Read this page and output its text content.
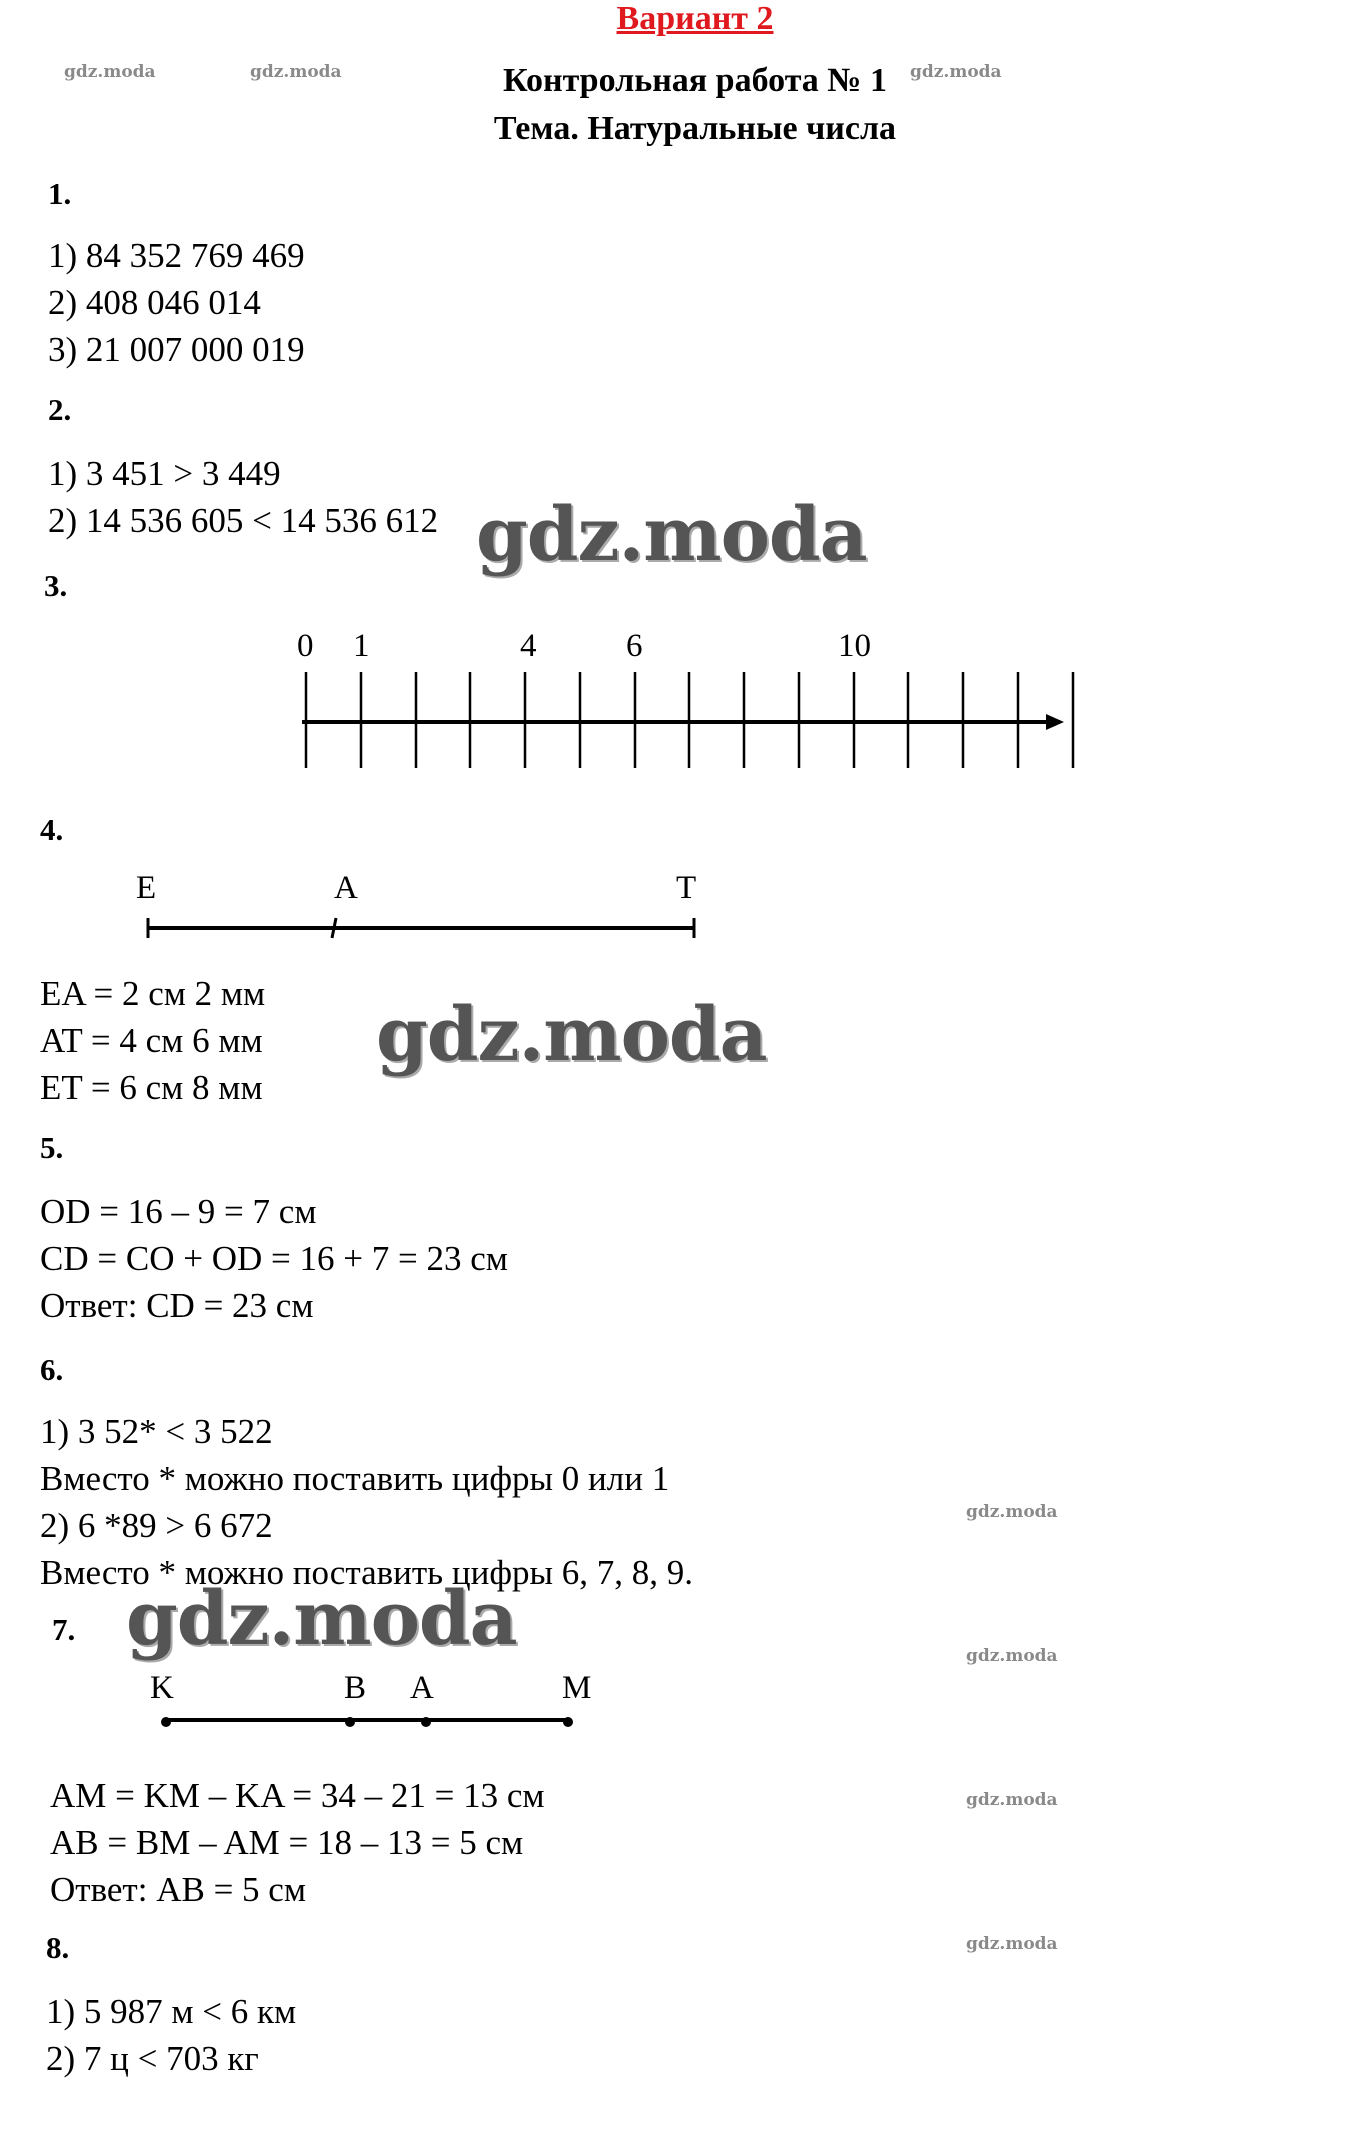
Вариант 2
Контрольная работа № 1
Тема. Натуральные числа
gdz.moda	gdz.moda	gdz.moda
gdz.moda
gdz.moda
gdz.moda
gdz.moda
1.
1) 84 352 769 469
2) 408 046 014
3) 21 007 000 019
2.
1) 3 451 > 3 449
2) 14 536 605 < 14 536 612 gdz.moda
3.
0 1	4	6	10
4.
E	A	T
EA = 2 см 2 мм
AT = 4 см 6 мм
ET = 6 см 8 мм
gdz.moda
5.
OD = 16 – 9 = 7 см
CD = CO + OD = 16 + 7 = 23 см
Ответ: CD = 23 см
6.
1) 3 52* < 3 522
Вместо * можно поставить цифры 0 или 1
2) 6 *89 > 6 672
Вместо * можно поставить цифры 6, 7, 8, 9.
7. gdz.moda
K	B A	M
AM = KM – KA = 34 – 21 = 13 см
AB = BM – AM = 18 – 13 = 5 см
Ответ: AB = 5 см
8.
1) 5 987 м < 6 км
2) 7 ц < 703 кг
